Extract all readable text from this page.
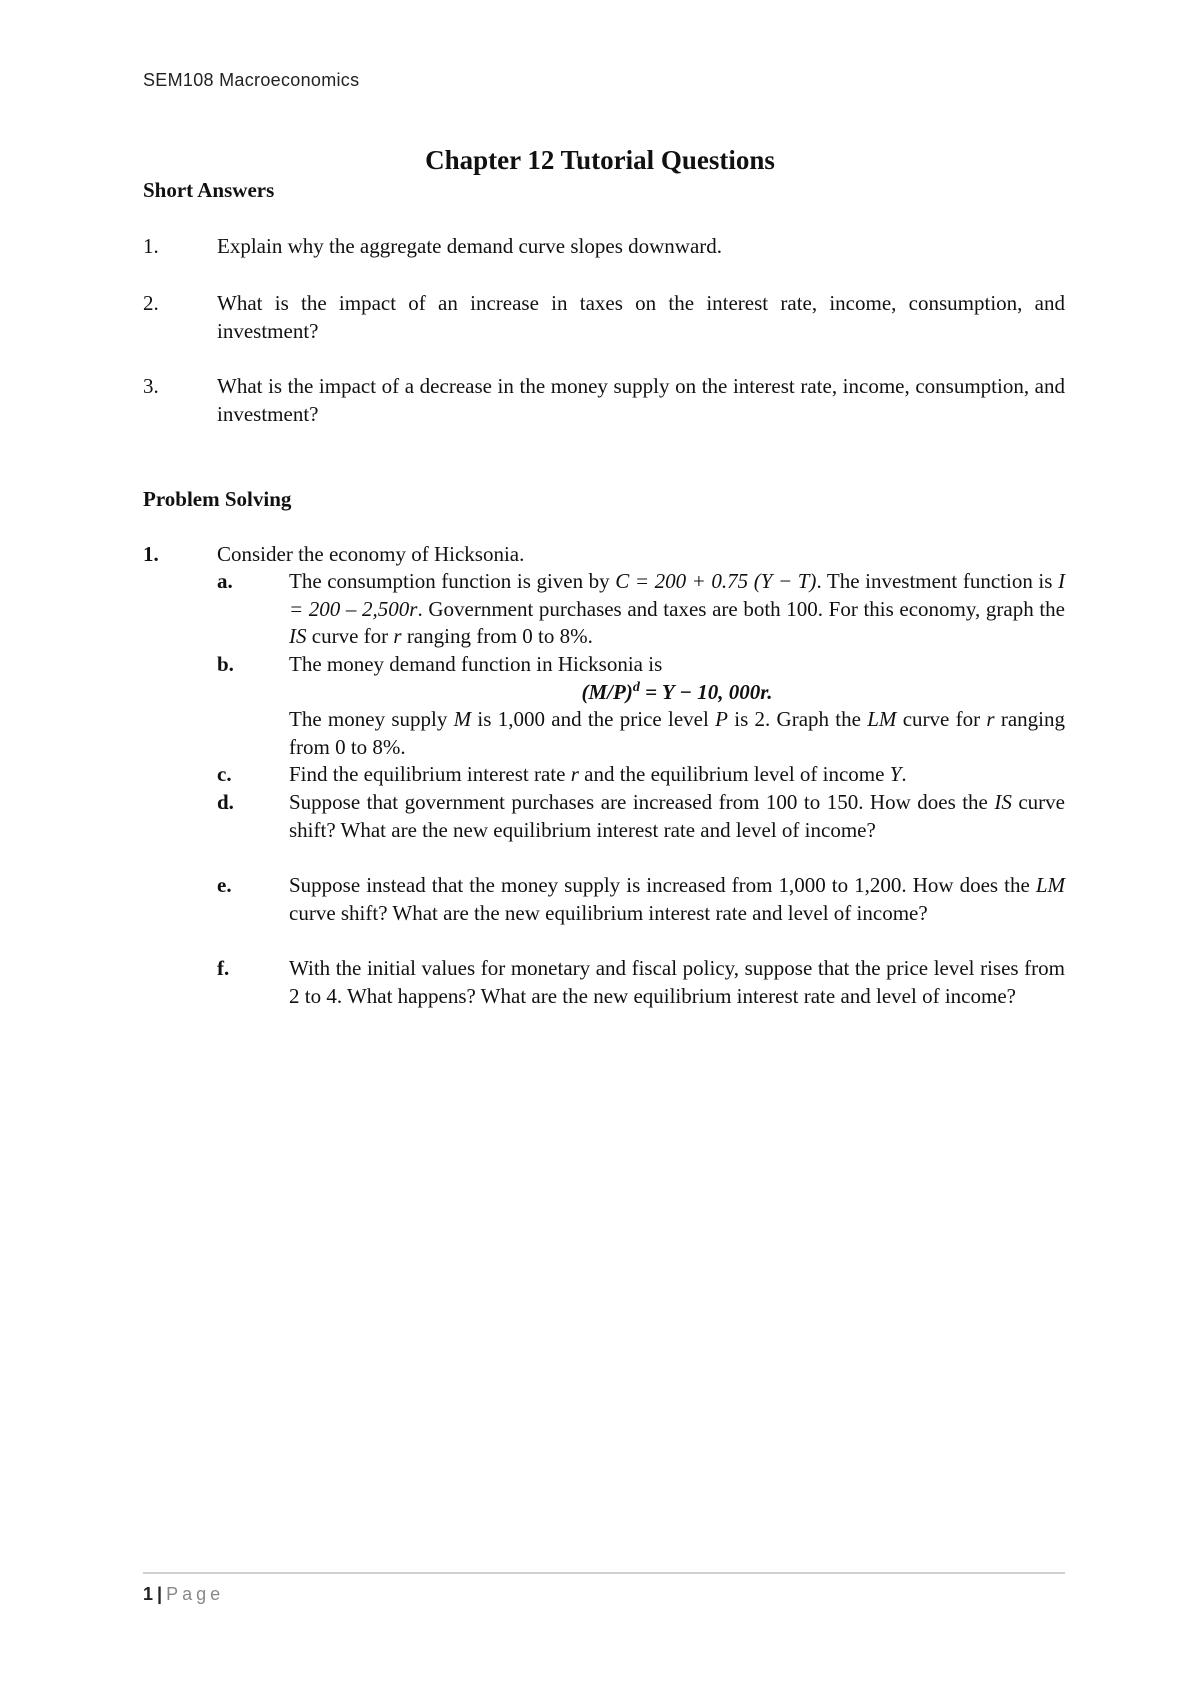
SEM108 Macroeconomics
Chapter 12 Tutorial Questions
Short Answers
1.	Explain why the aggregate demand curve slopes downward.
2.	What is the impact of an increase in taxes on the interest rate, income, consumption, and investment?
3.	What is the impact of a decrease in the money supply on the interest rate, income, consumption, and investment?
Problem Solving
1.	Consider the economy of Hicksonia.
a.	The consumption function is given by C = 200 + 0.75 (Y − T). The investment function is I = 200 – 2,500r. Government purchases and taxes are both 100. For this economy, graph the IS curve for r ranging from 0 to 8%.
b.	The money demand function in Hicksonia is
$(M/P)^d = Y - 10$, 000r.
The money supply M is 1,000 and the price level P is 2. Graph the LM curve for r ranging from 0 to 8%.
c.	Find the equilibrium interest rate r and the equilibrium level of income Y.
d.	Suppose that government purchases are increased from 100 to 150. How does the IS curve shift? What are the new equilibrium interest rate and level of income?
e.	Suppose instead that the money supply is increased from 1,000 to 1,200. How does the LM curve shift? What are the new equilibrium interest rate and level of income?
f.	With the initial values for monetary and fiscal policy, suppose that the price level rises from 2 to 4. What happens? What are the new equilibrium interest rate and level of income?
1 | Page
